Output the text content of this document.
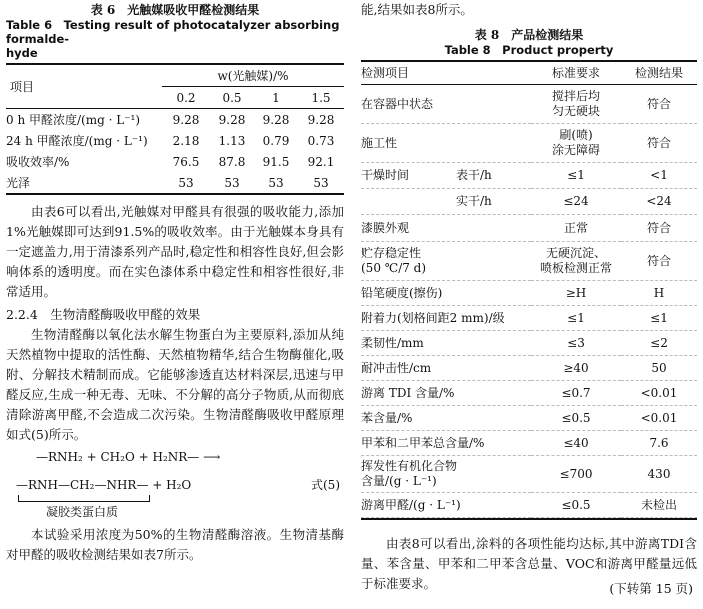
表 6　光触媒吸收甲醛检测结果
Table 6　Testing result of photocatalyzer absorbing formalde-
hyde
项目	w(光触媒)/%			
	0.2	0.5	1	1.5
0 h 甲醛浓度/(mg · L⁻¹)	9.28	9.28	9.28	9.28
24 h 甲醛浓度/(mg · L⁻¹)	2.18	1.13	0.79	0.73
吸收效率/%	76.5	87.8	91.5	92.1
光泽	53	53	53	53
由表6可以看出,光触媒对甲醛具有很强的吸收能力,添加1%光触媒即可达到91.5%的吸收效率。由于光触媒本身具有一定遮盖力,用于清漆系列产品时,稳定性和相容性良好,但会影响体系的透明度。而在实色漆体系中稳定性和相容性很好,非常适用。
2.2.4　生物清醛酶吸收甲醛的效果
生物清醛酶以氧化法水解生物蛋白为主要原料,添加从纯天然植物中提取的活性酶、天然植物精华,结合生物酶催化,吸附、分解技术精制而成。它能够渗透直达材料深层,迅速与甲醛反应,生成一种无毒、无味、不分解的高分子物质,从而彻底清除游离甲醛,不会造成二次污染。生物清醛酶吸收甲醛原理如式(5)所示。
—RNH₂ + CH₂O + H₂NR— ⟶
—RNH—CH₂—NHR— + H₂O
凝胶类蛋白质
式(5)
本试验采用浓度为50%的生物清醛酶溶液。生物清基酶对甲醛的吸收检测结果如表7所示。
能,结果如表8所示。
表 8　产品检测结果
Table 8　Product property
检测项目	标准要求	检测结果
在容器中状态	搅拌后均
匀无硬块	符合
施工性	刷(喷)
涂无障碍	符合

干燥时间 表干/h	≤1	<1

实干/h	≤24	<24
漆膜外观	正常	符合
贮存稳定性
(50 ℃/7 d)	无硬沉淀、
喷板检测正常	符合
铅笔硬度(擦伤)	≥H	H
附着力(划格间距2 mm)/级	≤1	≤1
柔韧性/mm	≤3	≤2
耐冲击性/cm	≥40	50
游离 TDI 含量/%	≤0.7	<0.01
苯含量/%	≤0.5	<0.01
甲苯和二甲苯总含量/%	≤40	7.6
挥发性有机化合物
含量/(g · L⁻¹)	≤700	430
游离甲醛/(g · L⁻¹)	≤0.5	未检出
由表8可以看出,涂料的各项性能均达标,其中游离TDI含量、苯含量、甲苯和二甲苯含总量、VOC和游离甲醛量远低于标准要求。	(下转第 15 页)
